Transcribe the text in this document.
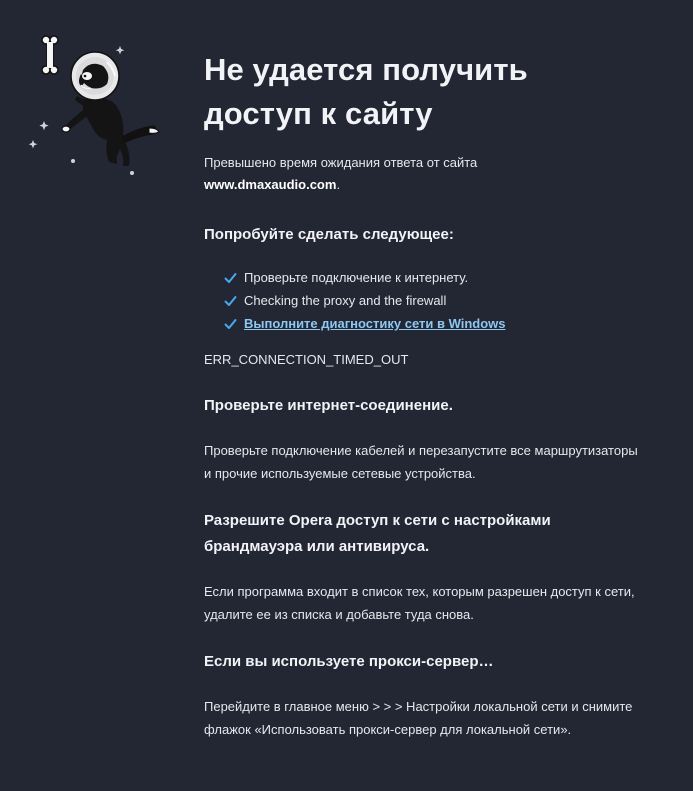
Не удается получить доступ к сайту

Превышено время ожидания ответа от сайта
www.dmaxaudio.com.

Попробуйте сделать следующее:
Проверьте подключение к интернету.
Checking the proxy and the firewall
Выполните диагностику сети в Windows
ERR_CONNECTION_TIMED_OUT
Проверьте интернет-соединение.
Проверьте подключение кабелей и перезапустите все маршрутизаторы и прочие используемые сетевые устройства.
Разрешите Opera доступ к сети с настройками брандмауэра или антивируса.
Если программа входит в список тех, которым разрешен доступ к сети, удалите ее из списка и добавьте туда снова.
Если вы используете прокси-сервер…
Перейдите в главное меню > > > Настройки локальной сети и снимите флажок «Использовать прокси-сервер для локальной сети».
